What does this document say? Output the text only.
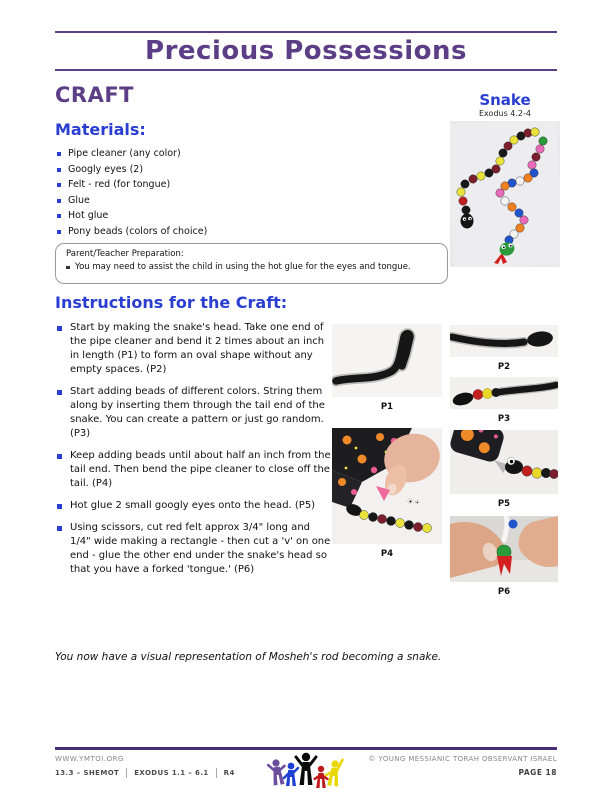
Precious Possessions
CRAFT	Snake
Exodus 4.2-4
Materials:
Pipe cleaner (any color)
Googly eyes (2)
Felt - red (for tongue)
Glue
Hot glue
Pony beads (colors of choice)
Parent/Teacher Preparation:
You may need to assist the child in using the hot glue for the eyes and tongue.
Instructions for the Craft:
Start by making the snake's head. Take one end of the pipe cleaner and bend it 2 times about an inch in length (P1) to form an oval shape without any empty spaces. (P2)
Start adding beads of different colors. String them along by inserting them through the tail end of the snake. You can create a pattern or just go random. (P3)
Keep adding beads until about half an inch from the tail end. Then bend the pipe cleaner to close off the tail. (P4)
Hot glue 2 small googly eyes onto the head. (P5)
Using scissors, cut red felt approx 3/4" long and 1/4" wide making a rectangle - then cut a 'v' on one end - glue the other end under the snake's head so that you have a forked 'tongue.' (P6)
P1
P2
P3
P4
P5
P6
You now have a visual representation of Mosheh's rod becoming a snake.
WWW.YMTOI.ORG
13.3 – SHEMOT EXODUS 1.1 – 6.1 R4
© YOUNG MESSIANIC TORAH OBSERVANT ISRAEL
PAGE 18
